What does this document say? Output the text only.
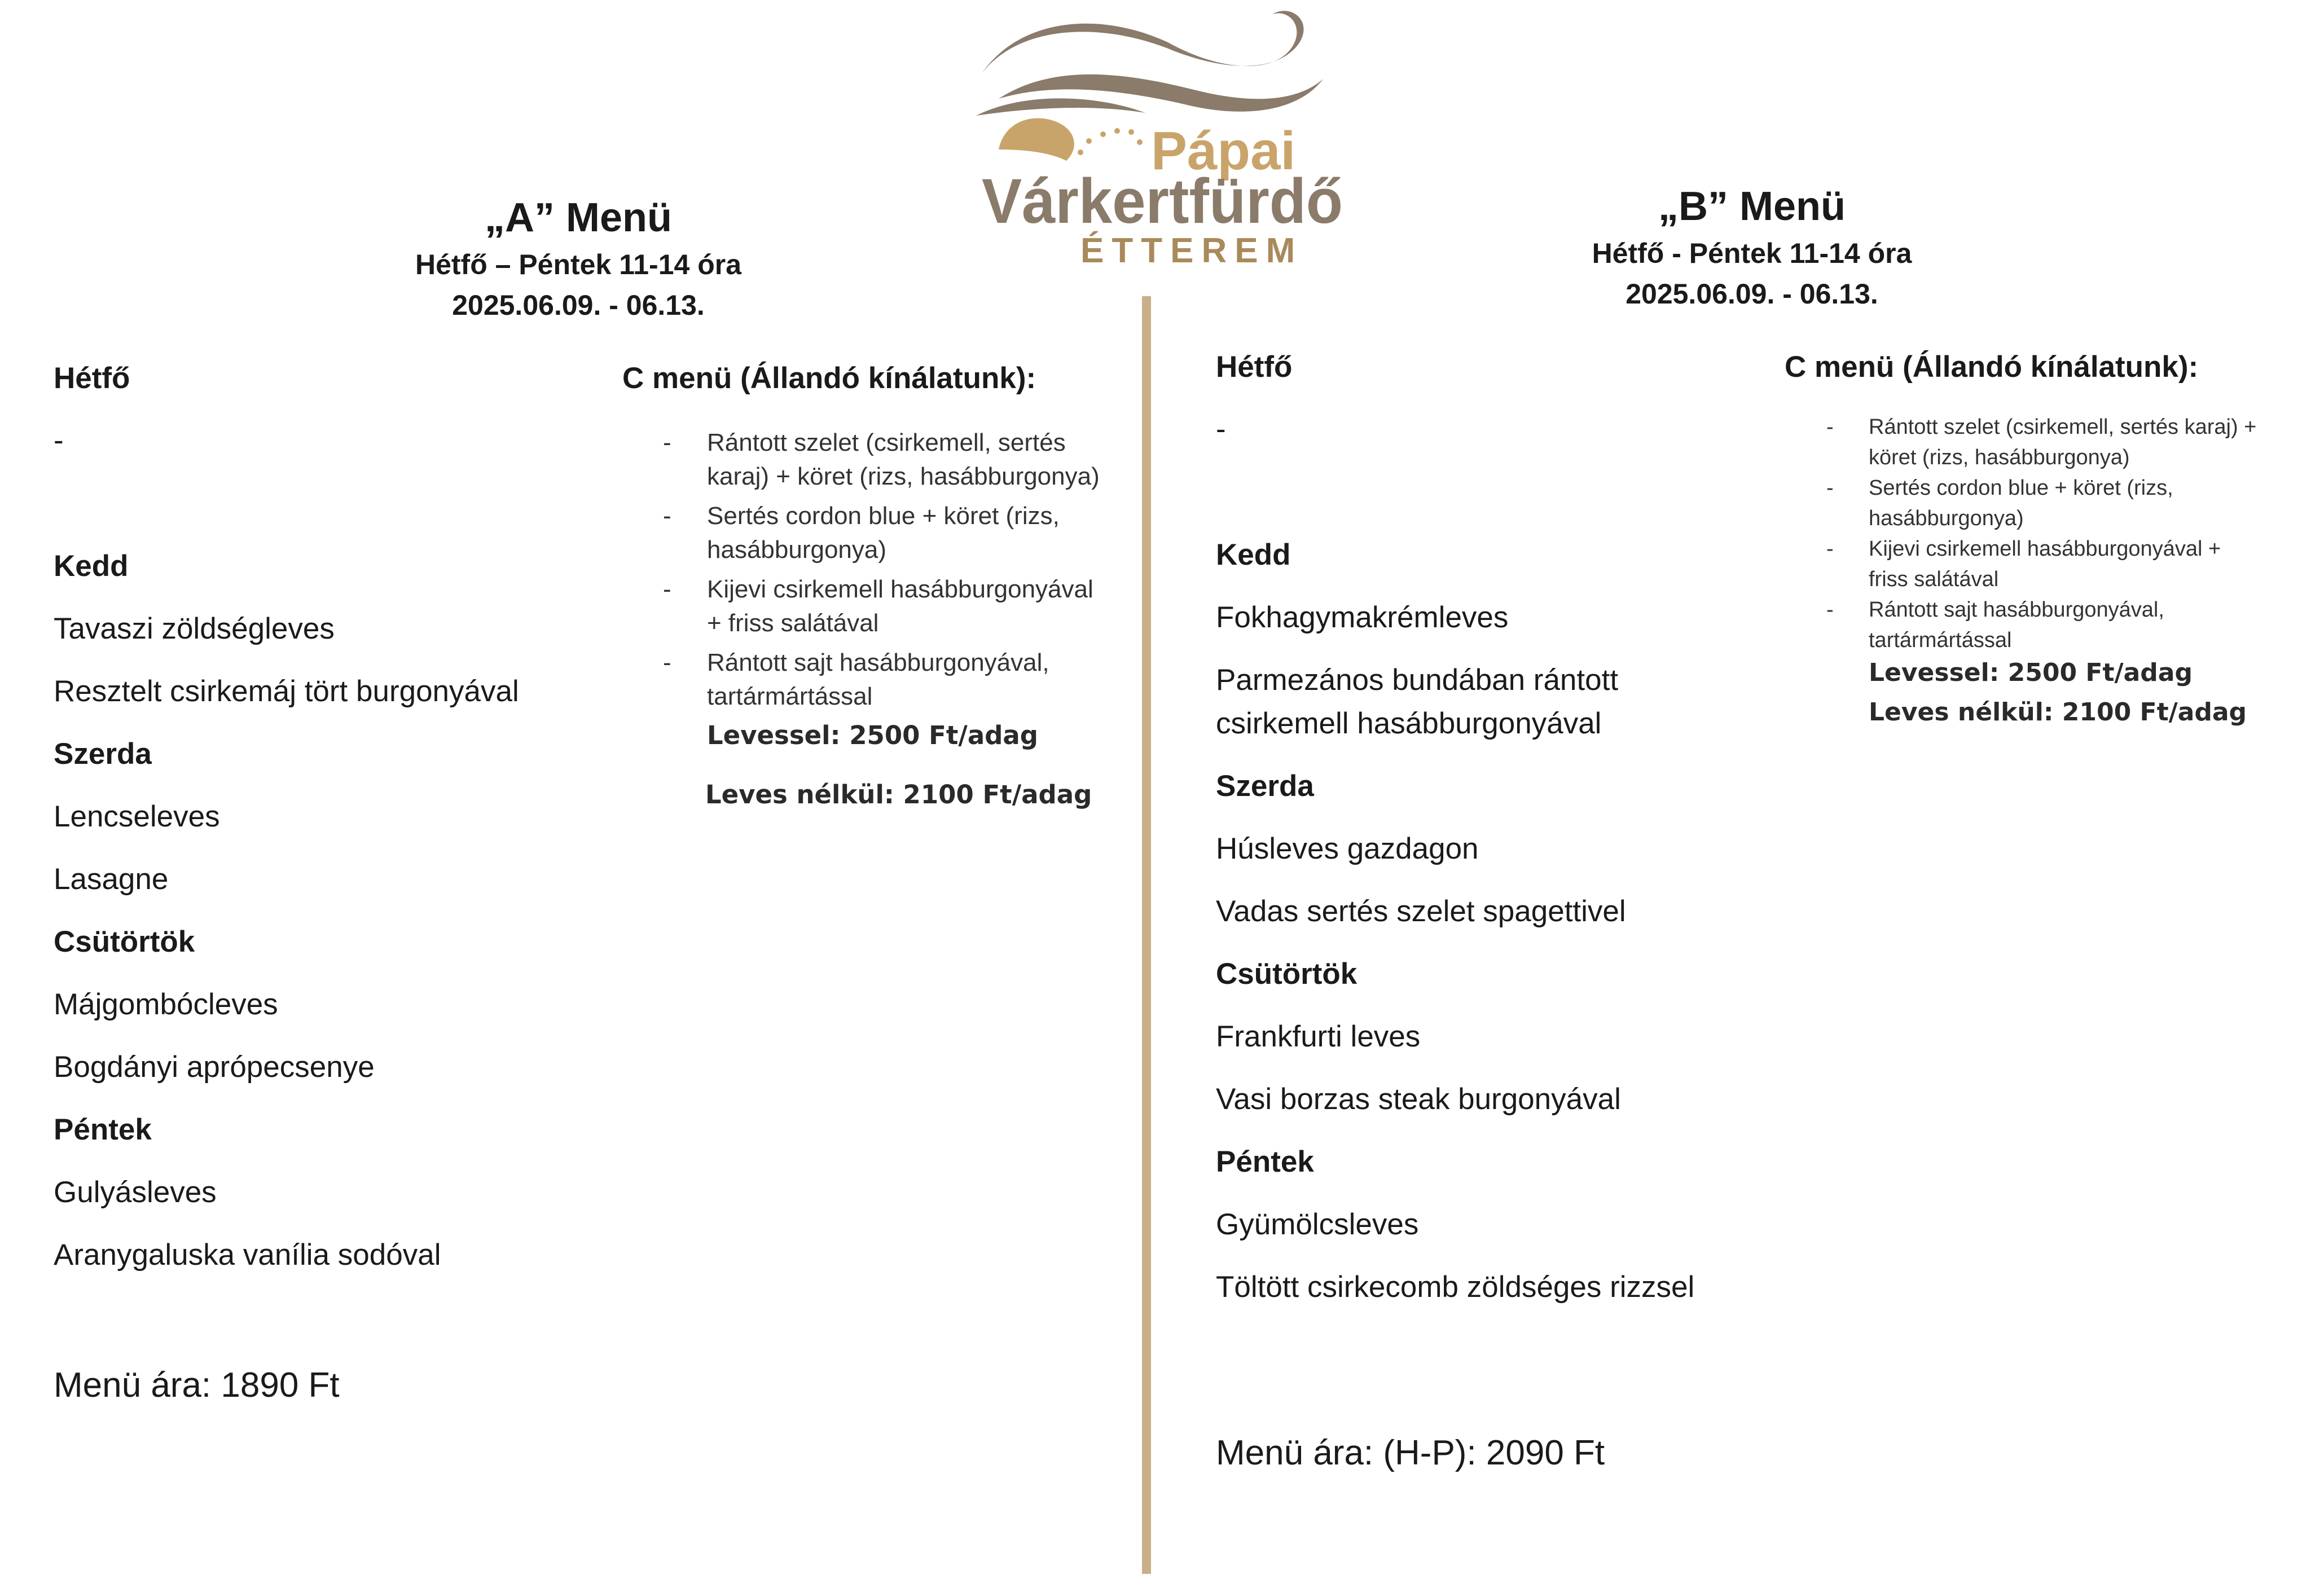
Pápai
Várkertfürdő
ÉTTEREM
„A” Menü
Hétfő – Péntek 11-14 óra
2025.06.09. - 06.13.
Hétfő
-
Kedd
Tavaszi zöldségleves
Resztelt csirkemáj tört burgonyával
Szerda
Lencseleves
Lasagne
Csütörtök
Májgombócleves
Bogdányi aprópecsenye
Péntek
Gulyásleves
Aranygaluska vanília sodóval
Menü ára: 1890 Ft
C menü (Állandó kínálatunk):
- Rántott szelet (csirkemell, sertés
karaj) + köret (rizs, hasábburgonya)
- Sertés cordon blue + köret (rizs,
hasábburgonya)
- Kijevi csirkemell hasábburgonyával
+ friss salátával
- Rántott sajt hasábburgonyával,
tartármártással
Levessel: 2500 Ft/adag
Leves nélkül: 2100 Ft/adag
„B” Menü
Hétfő - Péntek 11-14 óra
2025.06.09. - 06.13.
Hétfő
-
Kedd
Fokhagymakrémleves
Parmezános bundában rántott
csirkemell hasábburgonyával
Szerda
Húsleves gazdagon
Vadas sertés szelet spagettivel
Csütörtök
Frankfurti leves
Vasi borzas steak burgonyával
Péntek
Gyümölcsleves
Töltött csirkecomb zöldséges rizzsel
Menü ára: (H-P): 2090 Ft
C menü (Állandó kínálatunk):
- Rántott szelet (csirkemell, sertés karaj) +
köret (rizs, hasábburgonya)
- Sertés cordon blue + köret (rizs,
hasábburgonya)
- Kijevi csirkemell hasábburgonyával +
friss salátával
- Rántott sajt hasábburgonyával,
tartármártással
Levessel: 2500 Ft/adag
Leves nélkül: 2100 Ft/adag
